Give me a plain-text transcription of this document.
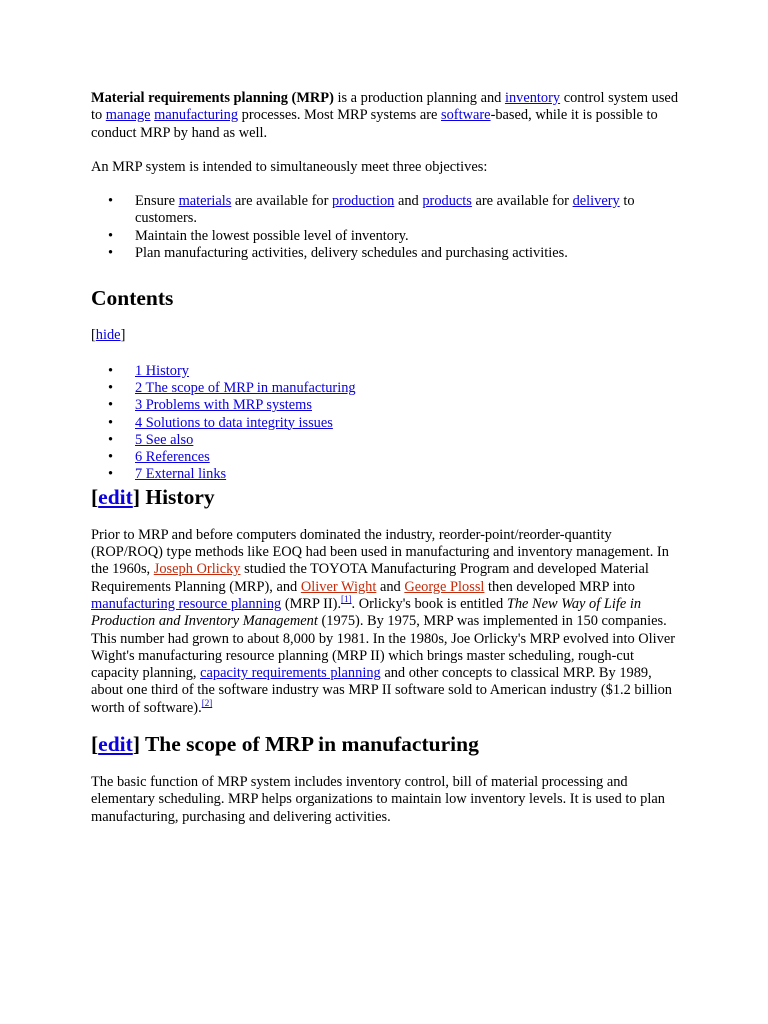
Material requirements planning (MRP) is a production planning and inventory control system used to manage manufacturing processes. Most MRP systems are software-based, while it is possible to conduct MRP by hand as well.

An MRP system is intended to simultaneously meet three objectives:

• Ensure materials are available for production and products are available for delivery to customers.
• Maintain the lowest possible level of inventory.
• Plan manufacturing activities, delivery schedules and purchasing activities.
Contents

[hide]

• 1 History
• 2 The scope of MRP in manufacturing
• 3 Problems with MRP systems
• 4 Solutions to data integrity issues
• 5 See also
• 6 References
• 7 External links
[edit] History

Prior to MRP and before computers dominated the industry, reorder-point/reorder-quantity (ROP/ROQ) type methods like EOQ had been used in manufacturing and inventory management. In the 1960s, Joseph Orlicky studied the TOYOTA Manufacturing Program and developed Material Requirements Planning (MRP), and Oliver Wight and George Plossl then developed MRP into manufacturing resource planning (MRP II).[1]. Orlicky's book is entitled The New Way of Life in Production and Inventory Management (1975). By 1975, MRP was implemented in 150 companies. This number had grown to about 8,000 by 1981. In the 1980s, Joe Orlicky's MRP evolved into Oliver Wight's manufacturing resource planning (MRP II) which brings master scheduling, rough-cut capacity planning, capacity requirements planning and other concepts to classical MRP. By 1989, about one third of the software industry was MRP II software sold to American industry ($1.2 billion worth of software).[2]

[edit] The scope of MRP in manufacturing

The basic function of MRP system includes inventory control, bill of material processing and elementary scheduling. MRP helps organizations to maintain low inventory levels. It is used to plan manufacturing, purchasing and delivering activities.
